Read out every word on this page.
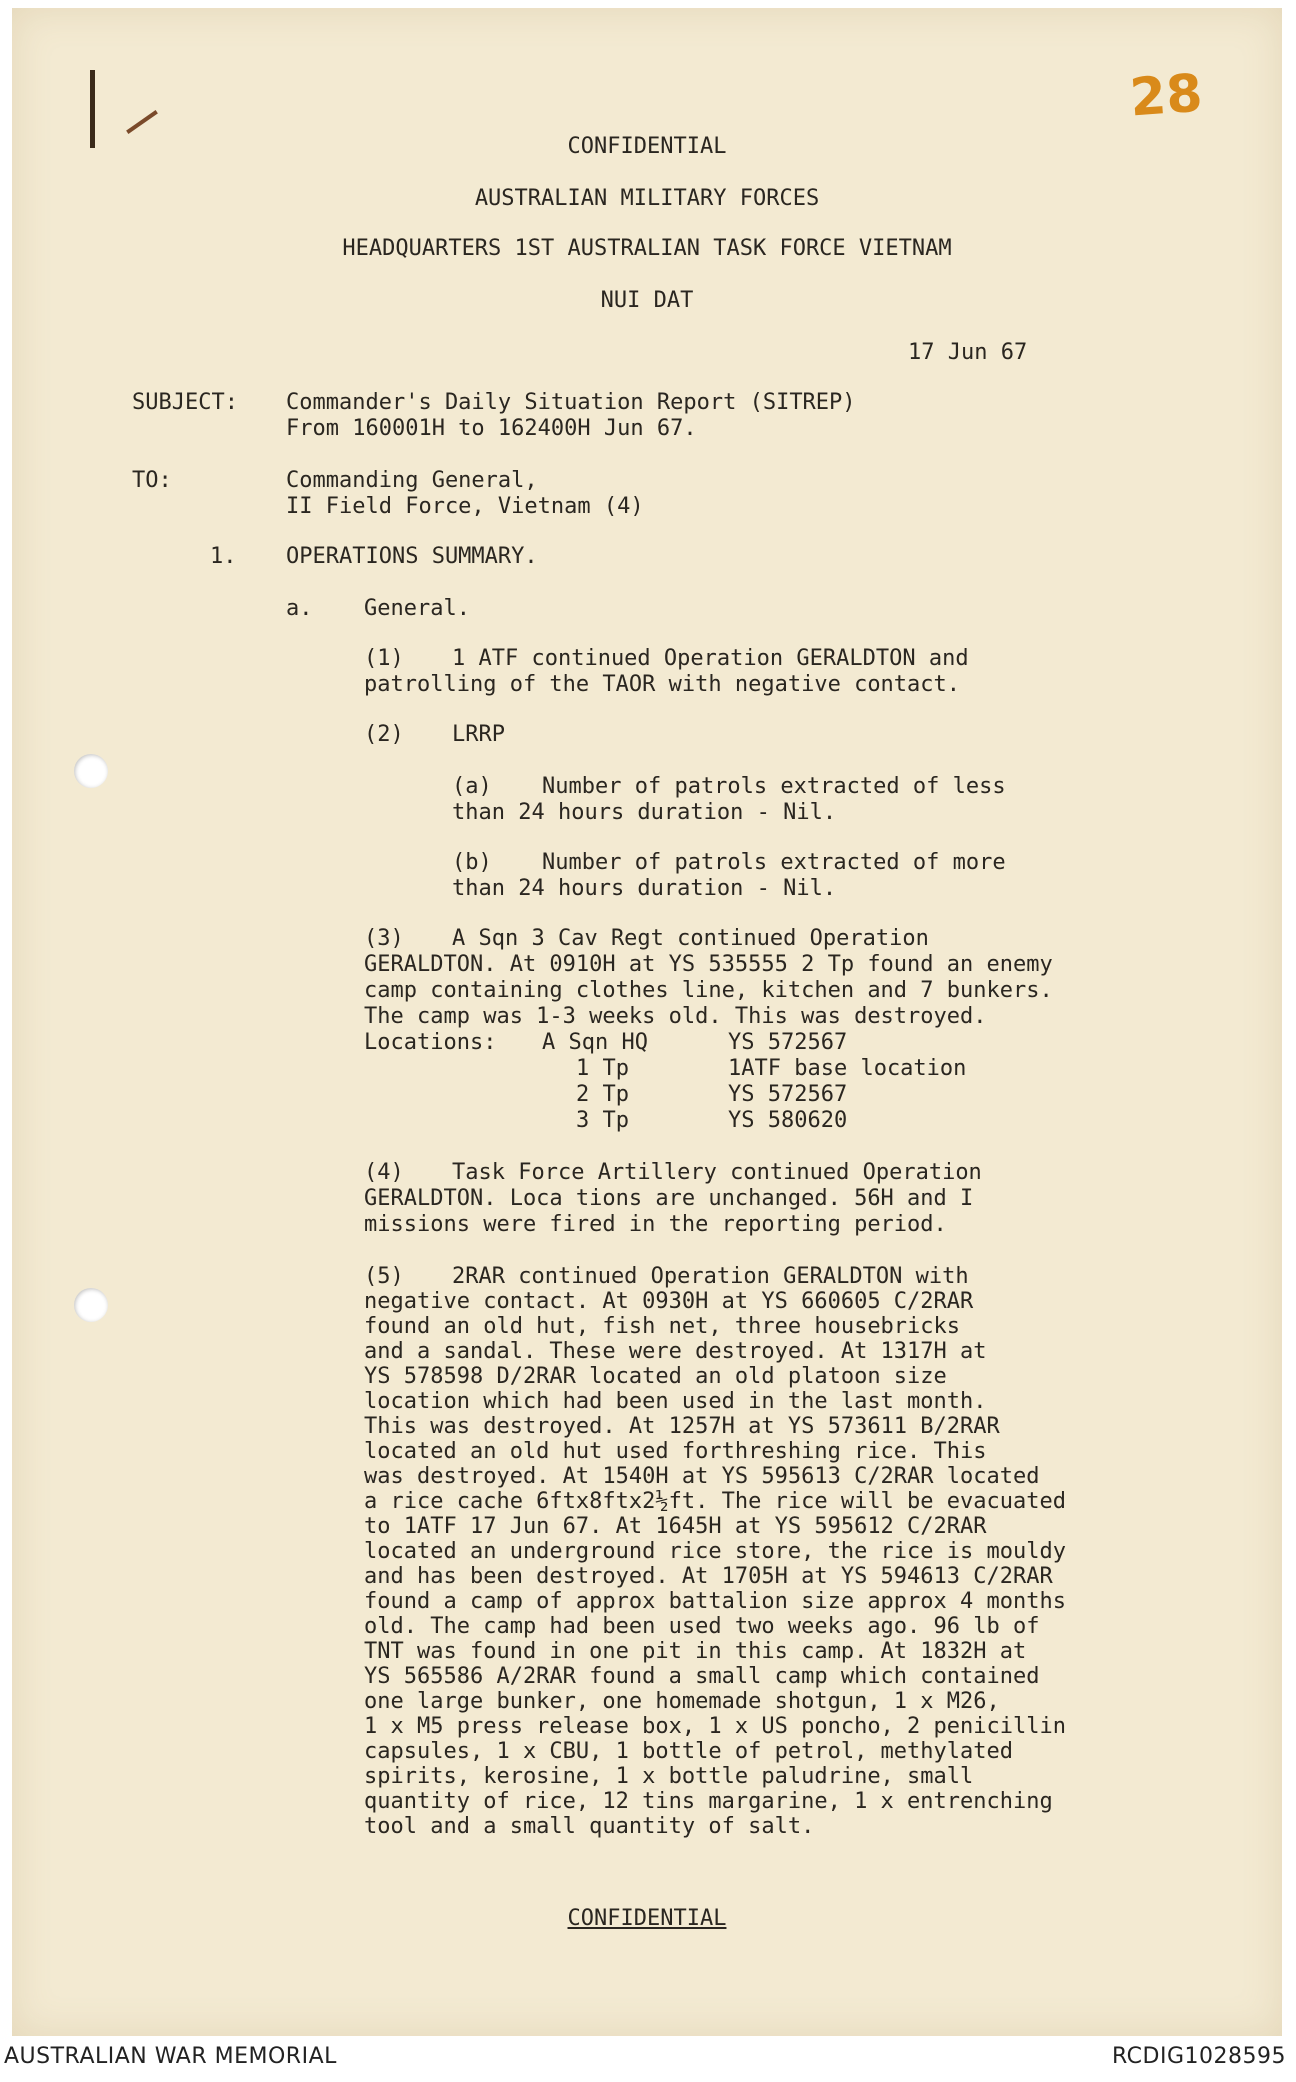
28
CONFIDENTIAL
AUSTRALIAN MILITARY FORCES
HEADQUARTERS 1ST AUSTRALIAN TASK FORCE VIETNAM
NUI DAT
17 Jun 67
SUBJECT: Commander's Daily Situation Report (SITREP)
From 160001H to 162400H Jun 67.
TO:	Commanding General,
II Field Force, Vietnam (4)
1. OPERATIONS SUMMARY.
a. General.
(1) 1 ATF continued Operation GERALDTON and
patrolling of the TAOR with negative contact.
(2) LRRP
(a) Number of patrols extracted of less
than 24 hours duration - Nil.
(b) Number of patrols extracted of more
than 24 hours duration - Nil.
(3) A Sqn 3 Cav Regt continued Operation
GERALDTON. At 0910H at YS 535555 2 Tp found an enemy
camp containing clothes line, kitchen and 7 bunkers.
The camp was 1-3 weeks old. This was destroyed.
Locations: A Sqn HQ	YS 572567
1 Tp	1ATF base location
2 Tp	YS 572567
3 Tp	YS 580620
(4) Task Force Artillery continued Operation
GERALDTON. Loca tions are unchanged. 56H and I
missions were fired in the reporting period.
(5) 2RAR continued Operation GERALDTON with
negative contact. At 0930H at YS 660605 C/2RAR
found an old hut, fish net, three housebricks
and a sandal. These were destroyed. At 1317H at
YS 578598 D/2RAR located an old platoon size
location which had been used in the last month.
This was destroyed. At 1257H at YS 573611 B/2RAR
located an old hut used forthreshing rice. This
was destroyed. At 1540H at YS 595613 C/2RAR located
a rice cache 6ftx8ftx2½ft. The rice will be evacuated
to 1ATF 17 Jun 67. At 1645H at YS 595612 C/2RAR
located an underground rice store, the rice is mouldy
and has been destroyed. At 1705H at YS 594613 C/2RAR
found a camp of approx battalion size approx 4 months
old. The camp had been used two weeks ago. 96 lb of
TNT was found in one pit in this camp. At 1832H at
YS 565586 A/2RAR found a small camp which contained
one large bunker, one homemade shotgun, 1 x M26,
1 x M5 press release box, 1 x US poncho, 2 penicillin
capsules, 1 x CBU, 1 bottle of petrol, methylated
spirits, kerosine, 1 x bottle paludrine, small
quantity of rice, 12 tins margarine, 1 x entrenching
tool and a small quantity of salt.
CONFIDENTIAL
AUSTRALIAN WAR MEMORIAL	RCDIG1028595
